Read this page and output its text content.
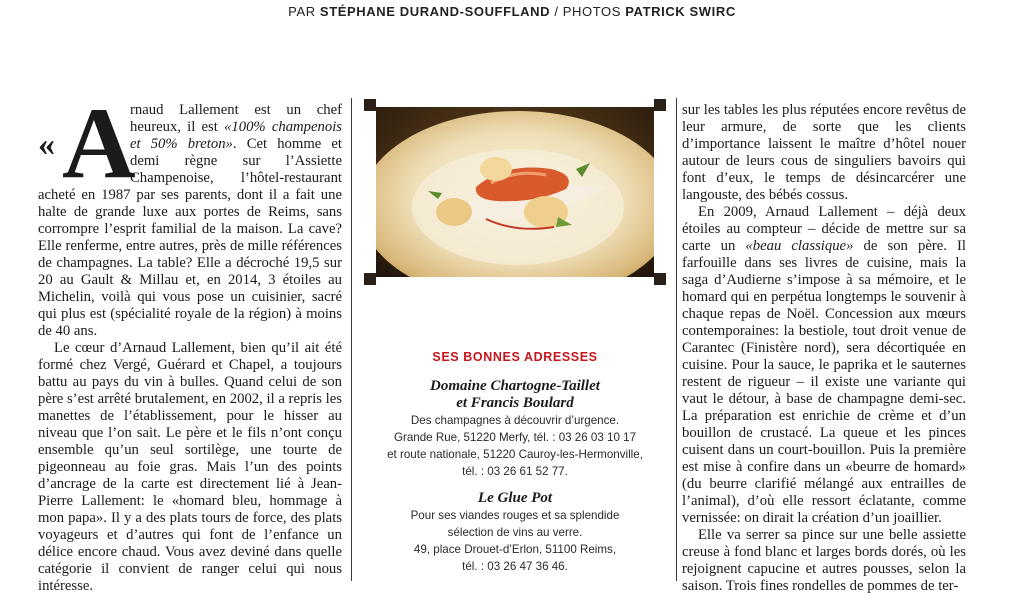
PAR STÉPHANE DURAND-SOUFFLAND / PHOTOS PATRICK SWIRC

« A
rnaud Lallement est un chef heureux, il est «100% champenois et 50% breton». Cet homme et demi règne sur l’Assiette Champenoise, l’hôtel-restaurant acheté en 1987 par ses parents, dont il a fait une halte de grande luxe aux portes de Reims, sans corrompre l’esprit familial de la maison. La cave? Elle renferme, entre autres, près de mille références de champagnes. La table? Elle a décroché 19,5 sur 20 au Gault & Millau et, en 2014, 3 étoiles au Michelin, voilà qui vous pose un cuisinier, sacré qui plus est (spécialité royale de la région) à moins de 40 ans.

Le cœur d’Arnaud Lallement, bien qu’il ait été formé chez Vergé, Guérard et Chapel, a toujours battu au pays du vin à bulles. Quand celui de son père s’est arrêté brutalement, en 2002, il a repris les manettes de l’établissement, pour le hisser au niveau que l’on sait. Le père et le fils n’ont conçu ensemble qu’un seul sortilège, une tourte de pigeonneau au foie gras. Mais l’un des points d’ancrage de la carte est directement lié à Jean-Pierre Lallement: le «homard bleu, hommage à mon papa». Il y a des plats tours de force, des plats voyageurs et d’autres qui font de l’enfance un délice encore chaud. Vous avez deviné dans quelle catégorie il convient de ranger celui qui nous intéresse.

SES BONNES ADRESSES
Domaine Chartogne-Taillet
et Francis Boulard
Des champagnes à découvrir d’urgence.
Grande Rue, 51220 Merfy, tél. : 03 26 03 10 17
et route nationale, 51220 Cauroy-les-Hermonville,
tél. : 03 26 61 52 77.
Le Glue Pot
Pour ses viandes rouges et sa splendide
sélection de vins au verre.
49, place Drouet-d’Erlon, 51100 Reims,
tél. : 03 26 47 36 46.

sur les tables les plus réputées encore revêtus de leur armure, de sorte que les clients d’importance laissent le maître d’hôtel nouer autour de leurs cous de singuliers bavoirs qui font d’eux, le temps de désincarcérer une langouste, des bébés cossus.

En 2009, Arnaud Lallement – déjà deux étoiles au compteur – décide de mettre sur sa carte un «beau classique» de son père. Il farfouille dans ses livres de cuisine, mais la saga d’Audierne s’impose à sa mémoire, et le homard qui en perpétua longtemps le souvenir à chaque repas de Noël. Concession aux mœurs contemporaines: la bestiole, tout droit venue de Carantec (Finistère nord), sera décortiquée en cuisine. Pour la sauce, le paprika et le sauternes restent de rigueur – il existe une variante qui vaut le détour, à base de champagne demi-sec. La préparation est enrichie de crème et d’un bouillon de crustacé. La queue et les pinces cuisent dans un court-bouillon. Puis la première est mise à confire dans un «beurre de homard» (du beurre clarifié mélangé aux entrailles de l’animal), d’où elle ressort éclatante, comme vernissée: on dirait la création d’un joaillier.

Elle va serrer sa pince sur une belle assiette creuse à fond blanc et larges bords dorés, où les rejoignent capucine et autres pousses, selon la saison. Trois fines rondelles de pommes de ter-
